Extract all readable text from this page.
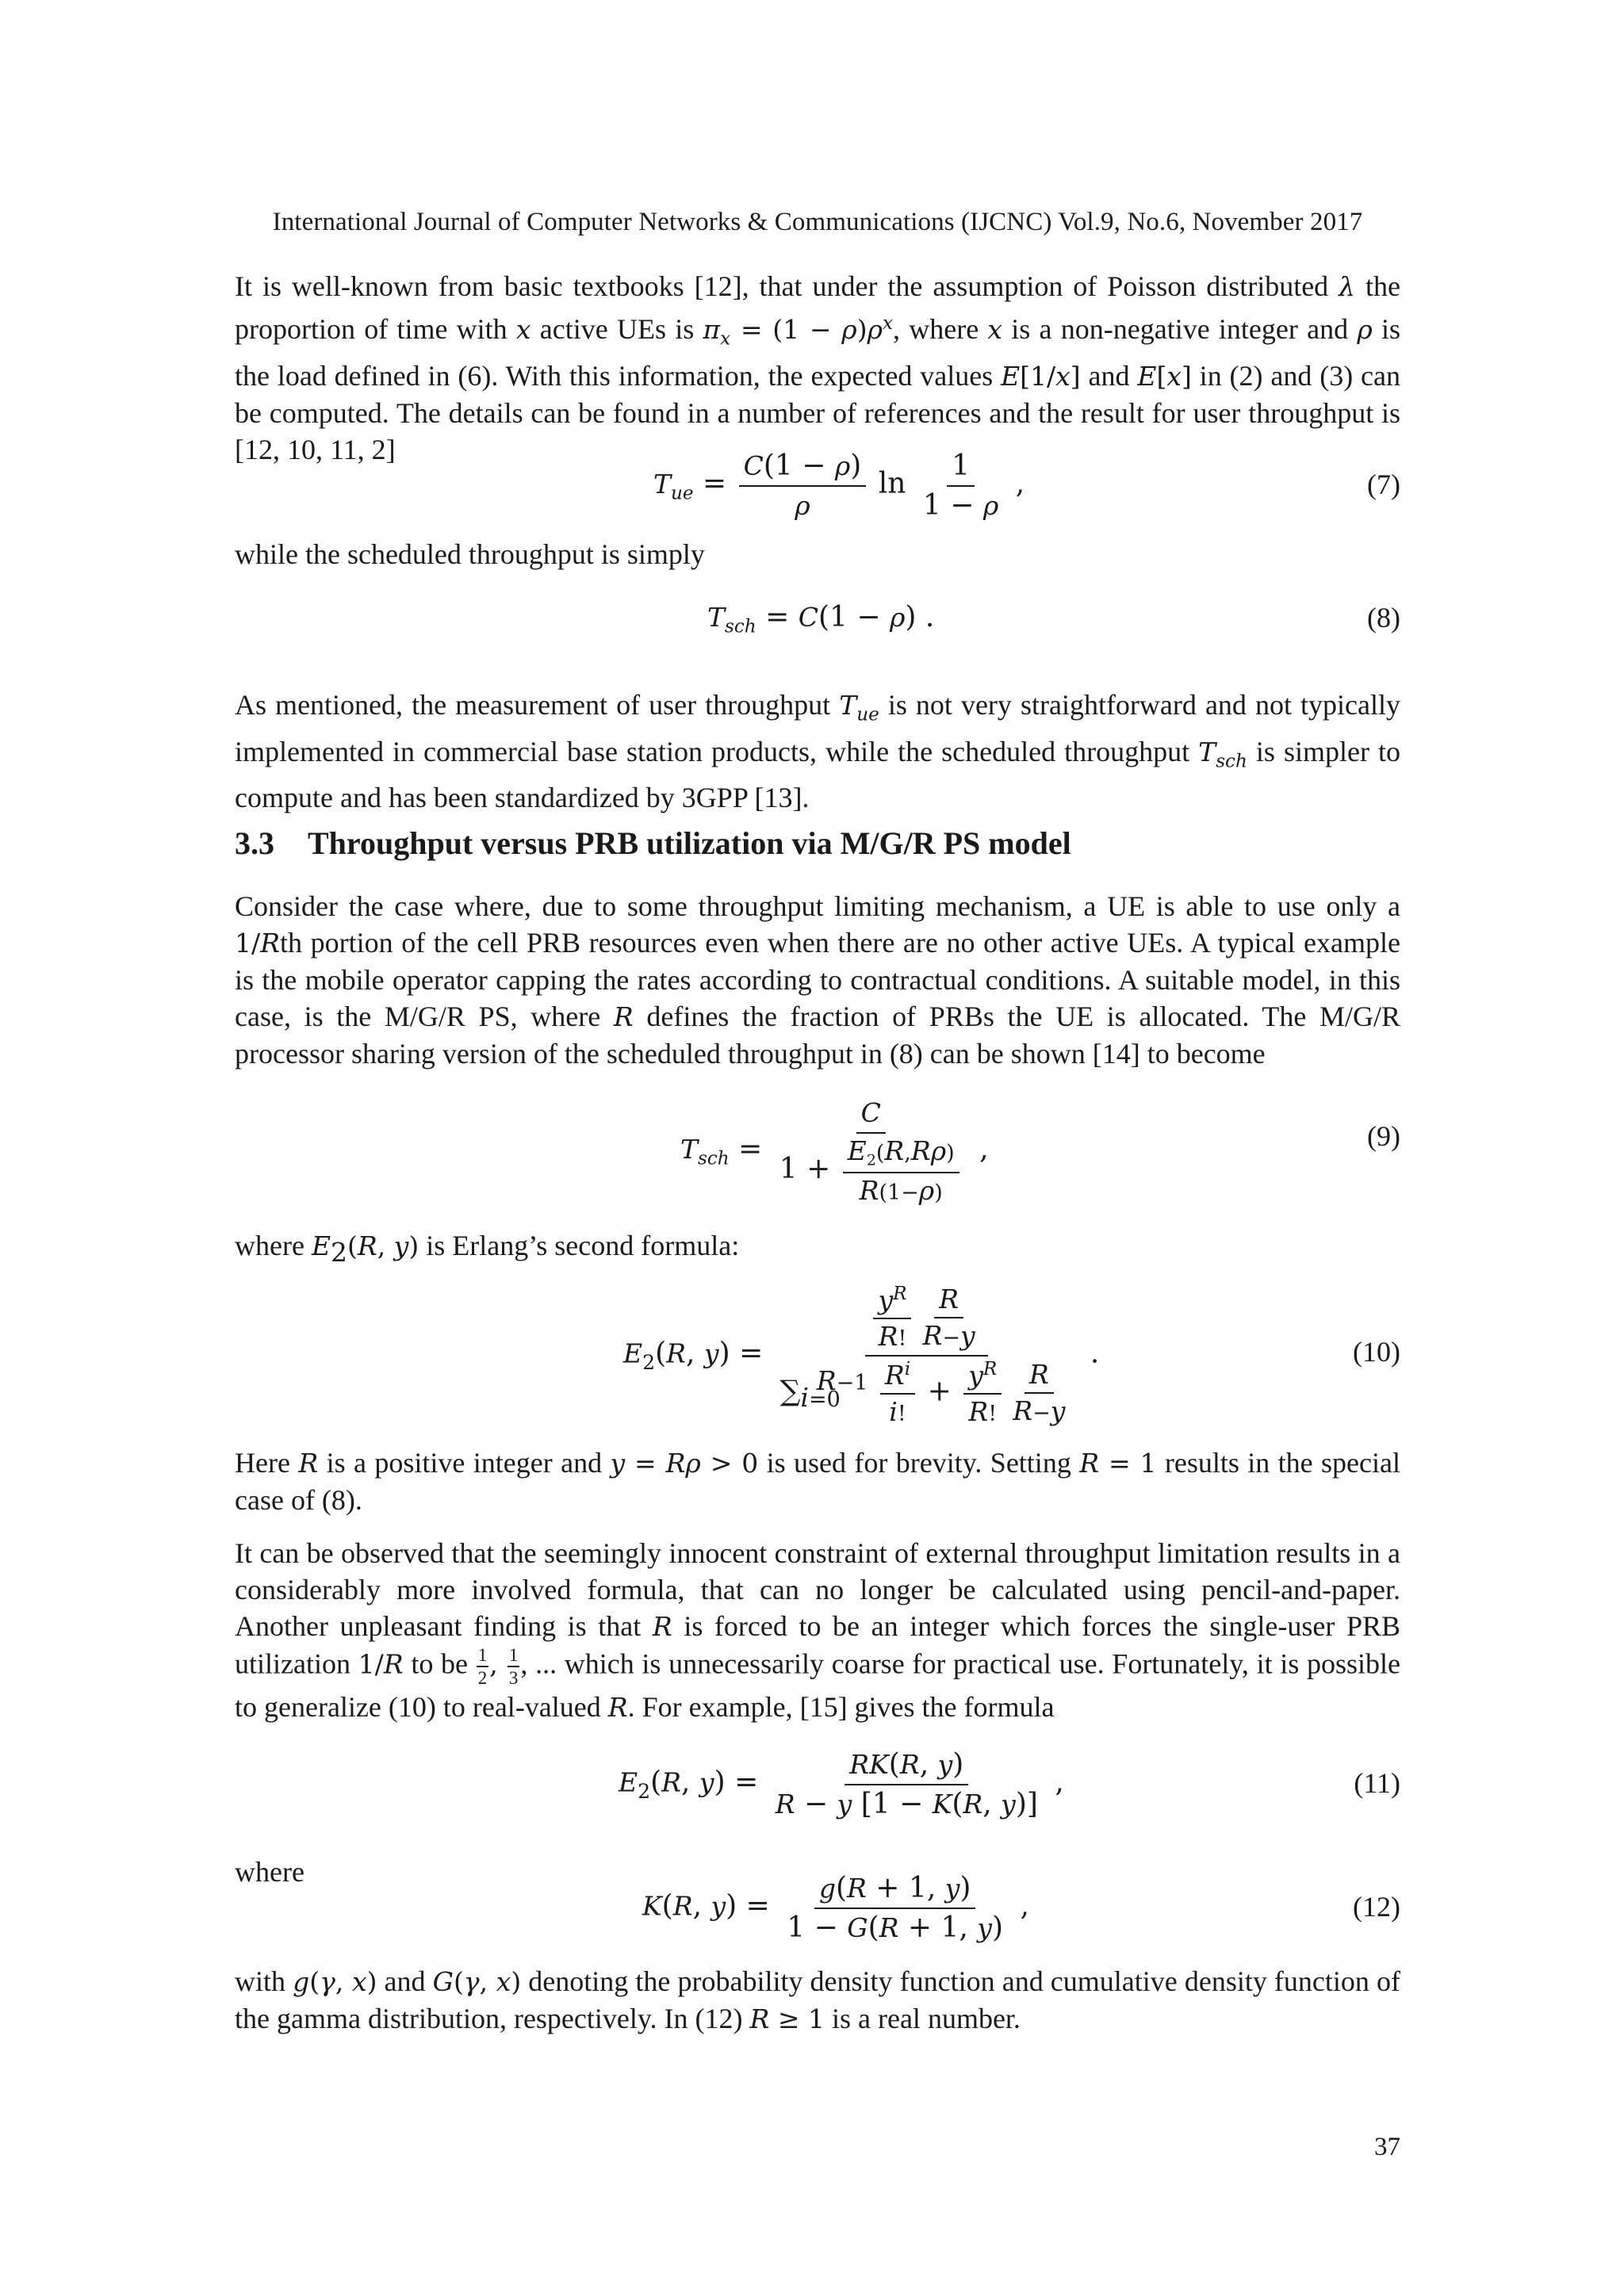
International Journal of Computer Networks & Communications (IJCNC) Vol.9, No.6, November 2017
It is well-known from basic textbooks [12], that under the assumption of Poisson distributed λ the proportion of time with x active UEs is $\pi_x = (1 - \rho)\rho^x$, where x is a non-negative integer and ρ is the load defined in (6). With this information, the expected values E[1/x] and E[x] in (2) and (3) can be computed. The details can be found in a number of references and the result for user throughput is [12, 10, 11, 2]
$T_{ue} = \frac{C(1 - \rho)}{\rho}$ $\ln \frac{1}{1 - \rho}$ ,	(7)
while the scheduled throughput is simply
$T_{sch} = C(1 - \rho)$ .	(8)
As mentioned, the measurement of user throughput $T_{ue}$ is not very straightforward and not typically implemented in commercial base station products, while the scheduled throughput $T_{sch}$ is simpler to compute and has been standardized by 3GPP [13].
3.3 Throughput versus PRB utilization via M/G/R PS model
Consider the case where, due to some throughput limiting mechanism, a UE is able to use only a 1/Rth portion of the cell PRB resources even when there are no other active UEs. A typical example is the mobile operator capping the rates according to contractual conditions. A suitable model, in this case, is the M/G/R PS, where R defines the fraction of PRBs the UE is allocated. The M/G/R processor sharing version of the scheduled throughput in (8) can be shown [14] to become
$T_{sch} = \frac{C}{1 + \frac{E_2(R,R\rho)}{R(1-\rho)}}$ ,	(9)
where $E_2(R$, y) is Erlang’s second formula:
$E_2(R$, $y) = \frac{\frac{y^R}{R!} \frac{R}{R-y}}{\sum_{i=0}^{R-1} \frac{R^i}{i!} + \frac{y^R}{R!} \frac{R}{R-y}}$ .	(10)
Here R is a positive integer and y = Rρ > 0 is used for brevity. Setting R = 1 results in the special case of (8).
It can be observed that the seemingly innocent constraint of external throughput limitation results in a considerably more involved formula, that can no longer be calculated using pencil-and-paper. Another unpleasant finding is that R is forced to be an integer which forces the single-user PRB utilization 1/R to be $\frac{1}{2}$ , $\frac{1}{3}$ , ... which is unnecessarily coarse for practical use. Fortunately, it is possible to generalize (10) to real-valued R. For example, [15] gives the formula
$E_2(R$, $y) = \frac{RK(R, y)}{R - y [1 - K(R, y)]}$ ,	(11)
where
K(R, $y) = \frac{g(R + 1, y)}{1 - G(R + 1, y)}$ ,	(12)
with g(γ, x) and G(γ, x) denoting the probability density function and cumulative density function of the gamma distribution, respectively. In (12) R ≥ 1 is a real number.
37
